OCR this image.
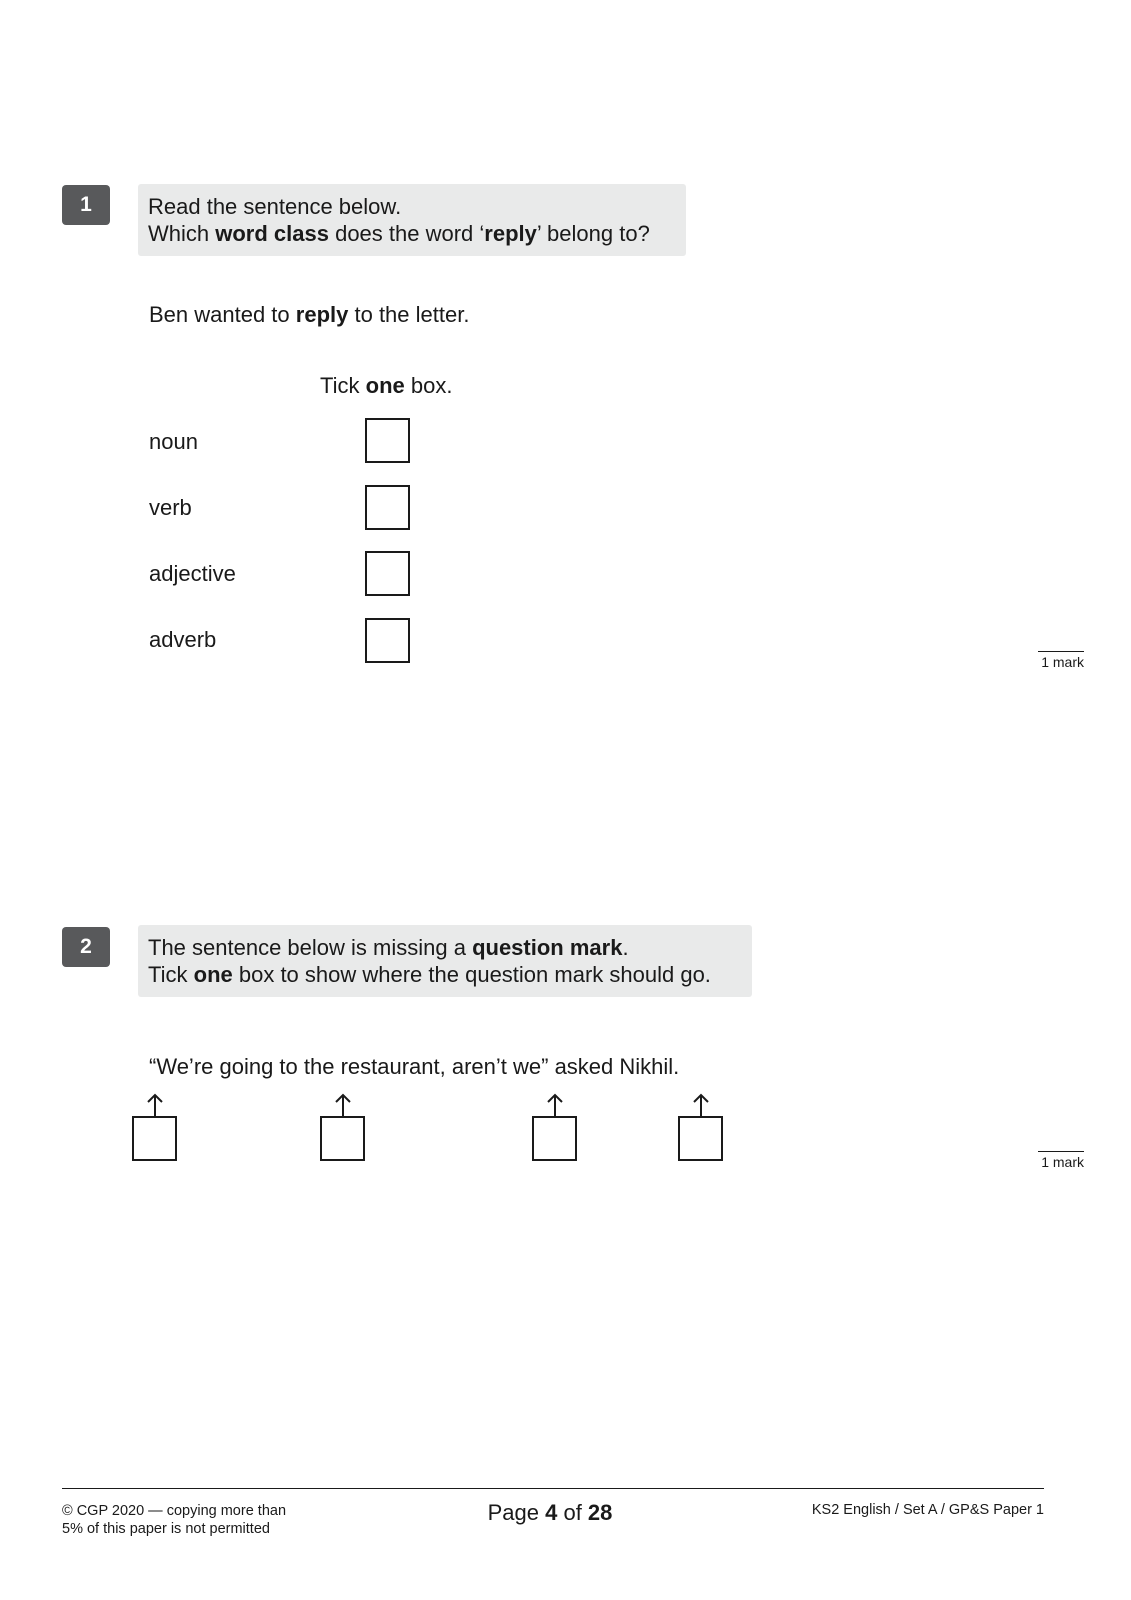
1	Read the sentence below.
Which word class does the word ‘reply’ belong to?
Ben wanted to reply to the letter.
Tick one box.
noun
verb
adjective
adverb
1 mark
2	The sentence below is missing a question mark.
Tick one box to show where the question mark should go.
“We’re going to the restaurant, aren’t we” asked Nikhil.
1 mark
© CGP 2020 — copying more than
5% of this paper is not permitted
Page 4 of 28	KS2 English / Set A / GP&S Paper 1
